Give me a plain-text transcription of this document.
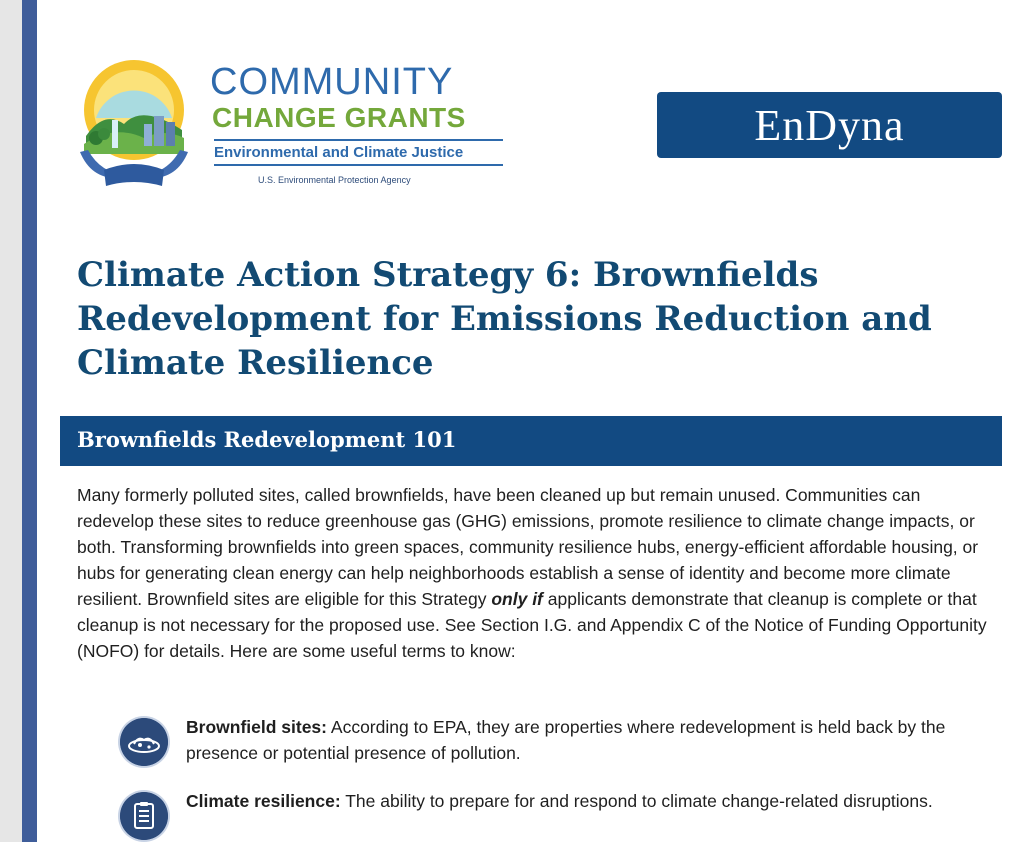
COMMUNITY
CHANGE GRANTS
Environmental and Climate Justice
U.S. Environmental Protection Agency
EnDyna
Climate Action Strategy 6: Brownfields Redevelopment for Emissions Reduction and Climate Resilience
Brownfields Redevelopment 101

Many formerly polluted sites, called brownfields, have been cleaned up but remain unused. Communities can redevelop these sites to reduce greenhouse gas (GHG) emissions, promote resilience to climate change impacts, or both. Transforming brownfields into green spaces, community resilience hubs, energy-efficient affordable housing, or hubs for generating clean energy can help neighborhoods establish a sense of identity and become more climate resilient. Brownfield sites are eligible for this Strategy only if applicants demonstrate that cleanup is complete or that cleanup is not necessary for the proposed use. See Section I.G. and Appendix C of the Notice of Funding Opportunity (NOFO) for details. Here are some useful terms to know:

Brownfield sites: According to EPA, they are properties where redevelopment is held back by the presence or potential presence of pollution.

Climate resilience: The ability to prepare for and respond to climate change-related disruptions.
